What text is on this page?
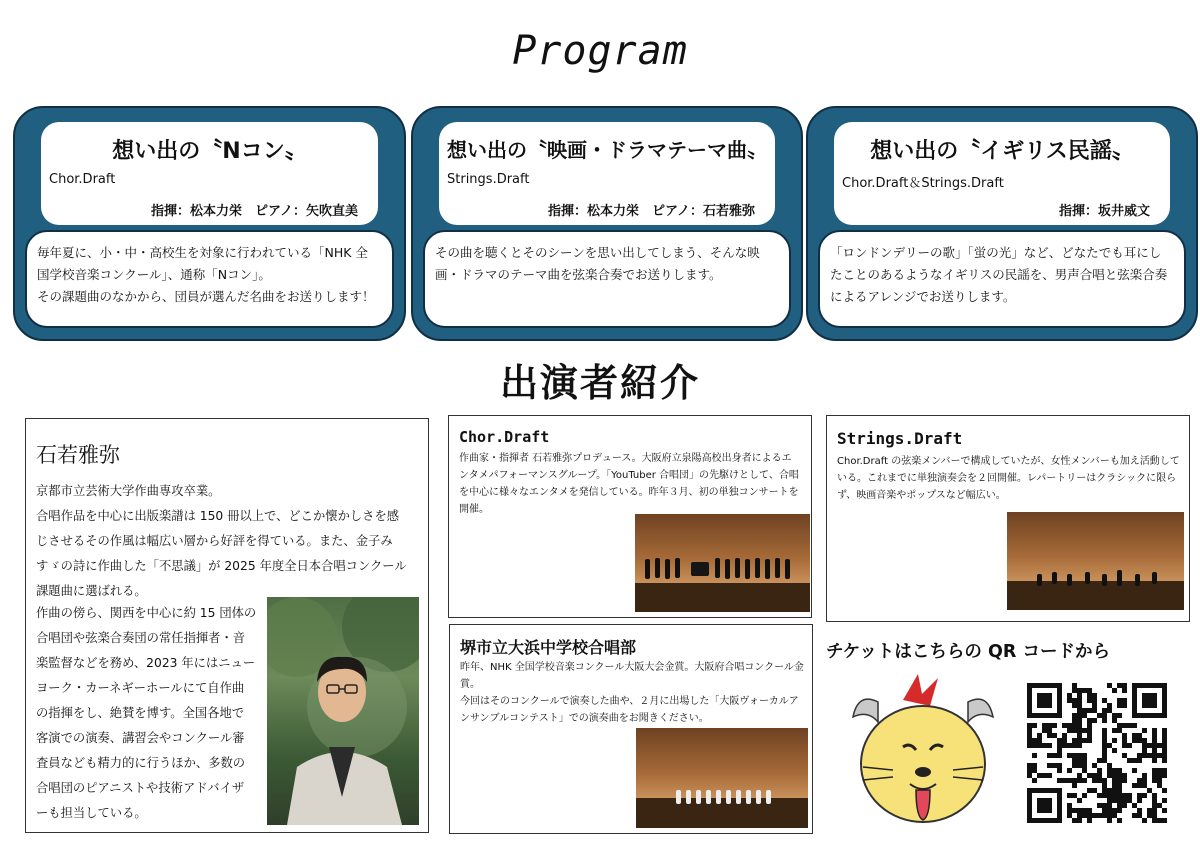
Program
想い出の〝Nコン〟
Chor.Draft
指揮：松本力栄　ピアノ：矢吹直美
毎年夏に、小・中・高校生を対象に行われている「NHK 全
国学校音楽コンクール」、通称「Nコン」。
その課題曲のなかから、団員が選んだ名曲をお送りします！
想い出の〝映画・ドラマテーマ曲〟
Strings.Draft
指揮：松本力栄　ピアノ：石若雅弥
その曲を聴くとそのシーンを思い出してしまう、そんな映
画・ドラマのテーマ曲を弦楽合奏でお送りします。
想い出の〝イギリス民謡〟
Chor.Draft＆Strings.Draft
指揮：坂井威文
「ロンドンデリーの歌」「蛍の光」など、どなたでも耳にし
たことのあるようなイギリスの民謡を、男声合唱と弦楽合奏
によるアレンジでお送りします。
出演者紹介
石若雅弥
京都市立芸術大学作曲専攻卒業。
合唱作品を中心に出版楽譜は 150 冊以上で、どこか懐かしさを感
じさせるその作風は幅広い層から好評を得ている。また、金子み
すゞの詩に作曲した「不思議」が 2025 年度全日本合唱コンクール
課題曲に選ばれる。
作曲の傍ら、関西を中心に約 15 団体の
合唱団や弦楽合奏団の常任指揮者・音
楽監督などを務め、2023 年にはニュー
ヨーク・カーネギーホールにて自作曲
の指揮をし、絶賛を博す。全国各地で
客演での演奏、講習会やコンクール審
査員なども精力的に行うほか、多数の
合唱団のピアニストや技術アドバイザ
ーも担当している。
Chor.Draft
作曲家・指揮者 石若雅弥プロデュース。大阪府立泉陽高校出身者によるエ
ンタメパフォーマンスグループ。「YouTuber 合唱団」の先駆けとして、合唱
を中心に様々なエンタメを発信している。昨年３月、初の単独コンサートを
開催。
Strings.Draft
Chor.Draft の弦楽メンバーで構成していたが、女性メンバーも加え活動して
いる。これまでに単独演奏会を２回開催。レパートリーはクラシックに限ら
ず、映画音楽やポップスなど幅広い。
堺市立大浜中学校合唱部
昨年、NHK 全国学校音楽コンクール大阪大会金賞。大阪府合唱コンクール金
賞。
今回はそのコンクールで演奏した曲や、２月に出場した「大阪ヴォーカルア
ンサンブルコンテスト」での演奏曲をお聞きください。
チケットはこちらの QR コードから
